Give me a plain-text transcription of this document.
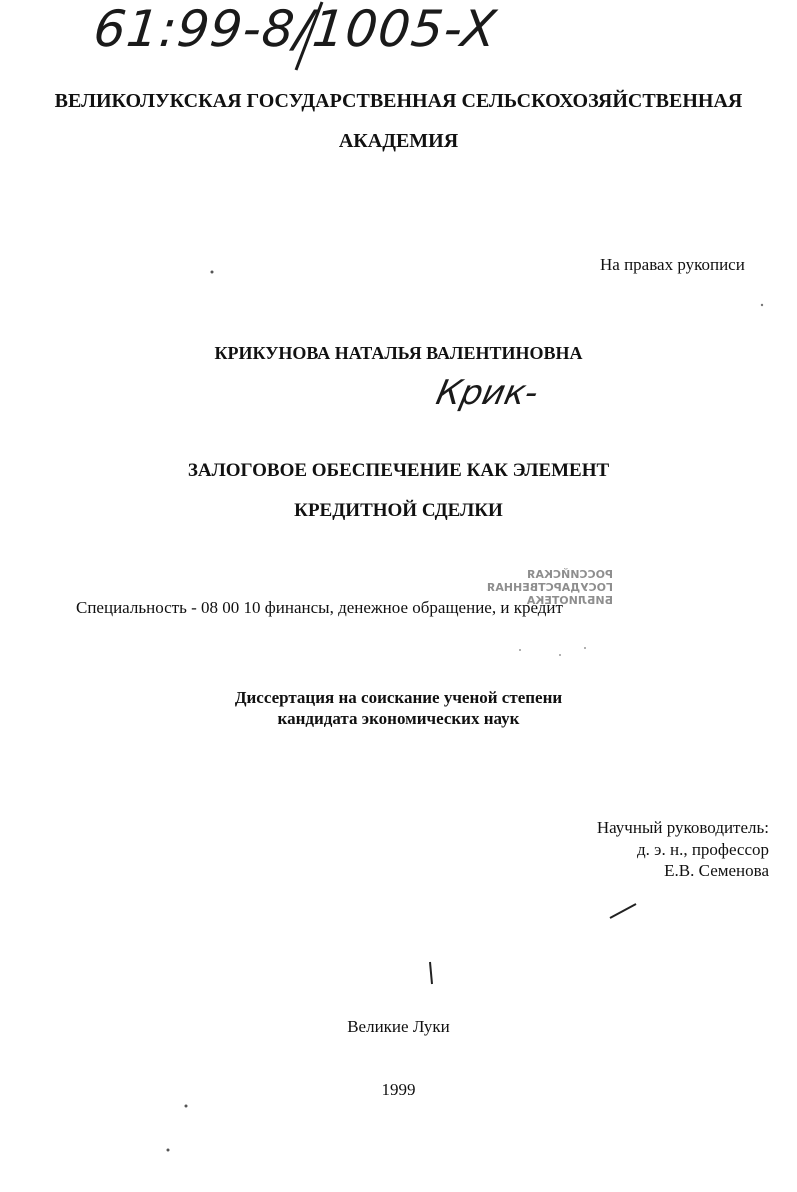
61:99-8/1005-X
ВЕЛИКОЛУКСКАЯ ГОСУДАРСТВЕННАЯ СЕЛЬСКОХОЗЯЙСТВЕННАЯ
АКАДЕМИЯ
На правах рукописи
КРИКУНОВА НАТАЛЬЯ ВАЛЕНТИНОВНА
Крик-
ЗАЛОГОВОЕ ОБЕСПЕЧЕНИЕ КАК ЭЛЕМЕНТ
КРЕДИТНОЙ СДЕЛКИ
РОССИЙСКАЯ
ГОСУДАРСТВЕННАЯ
БИБЛИОТЕКА
Специальность - 08 00 10 финансы, денежное обращение, и кредит
Диссертация на соискание ученой степени
кандидата экономических наук
Научный руководитель:
д. э. н., профессор
Е.В. Семенова
Великие Луки
1999
